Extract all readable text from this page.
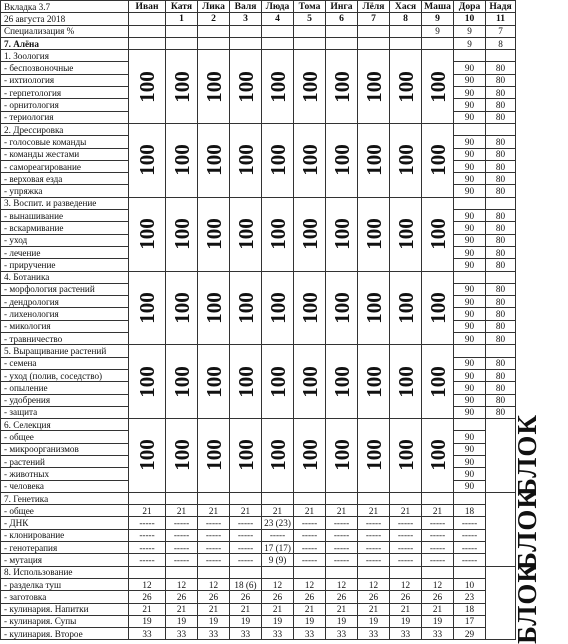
Вкладка 3.7	Иван	Катя	Лика	Валя	Люда	Тома	Инга	Лёля	Хася	Маша	Дора	Надя
26 августа 2018		1	2	3	4	5	6	7	8	9	10	11
Специализация %										9	9	7
7. Алёна											9	8
1. Зоология	100	100	100	100	100	100	100	100	100	100		
- беспозвоночные											90	80
- ихтиология											90	80
- герпетология											90	80
- орнитология											90	80
- териология											90	80
2. Дрессировка	100	100	100	100	100	100	100	100	100	100		
- голосовые команды											90	80
- команды жестами											90	80
- самореагирование											90	80
- верховая езда											90	80
- упряжка											90	80
3. Воспит. и разведение	100	100	100	100	100	100	100	100	100	100		
- вынашивание											90	80
- вскармивание											90	80
- уход											90	80
- лечение											90	80
- приручение											90	80
4. Ботаника	100	100	100	100	100	100	100	100	100	100		
- морфология растений											90	80
- дендрология											90	80
- лихенология											90	80
- микология											90	80
- травничество											90	80
5. Выращивание растений	100	100	100	100	100	100	100	100	100	100		
- семена											90	80
- уход (полив, соседство)											90	80
- опыление											90	80
- удобрения											90	80
- защита											90	80
6. Селекция	100	100	100	100	100	100	100	100	100	100		БЛОК
- общее											90	
- микроорганизмов											90	
- растений											90	
- животных											90	
- человека											90	
7. Генетика												БЛОК
- общее	21	21	21	21	21	21	21	21	21	21	18	
- ДНК	-----	-----	-----	-----	23 (23)	-----	-----	-----	-----	-----	-----	
- клонирование	-----	-----	-----	-----	-----	-----	-----	-----	-----	-----	-----	
- генотерапия	-----	-----	-----	-----	17 (17)	-----	-----	-----	-----	-----	-----	
- мутация	-----	-----	-----	-----	9 (9)	-----	-----	-----	-----	-----	-----	
8. Использование												БЛОК
- разделка туш	12	12	12	18 (6)	12	12	12	12	12	12	10	
- заготовка	26	26	26	26	26	26	26	26	26	26	23	
- кулинария. Напитки	21	21	21	21	21	21	21	21	21	21	18	
- кулинария. Супы	19	19	19	19	19	19	19	19	19	19	17	
- кулинария. Второе	33	33	33	33	33	33	33	33	33	33	29	
